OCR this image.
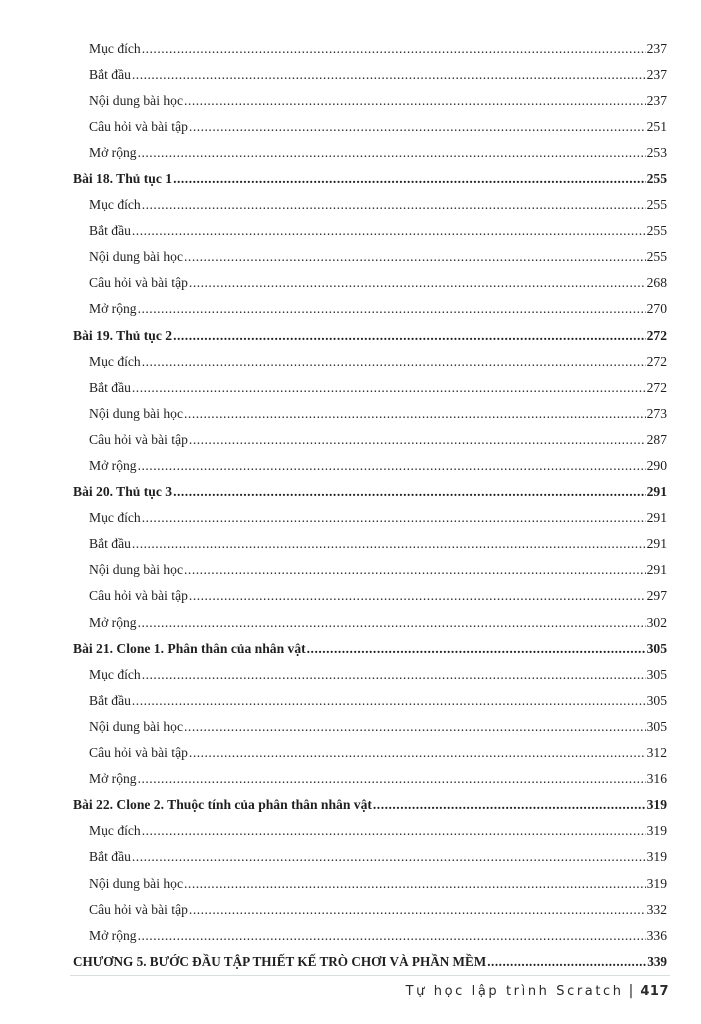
Mục đích .....	237
Bắt đầu .....	237
Nội dung bài học .....	237
Câu hỏi và bài tập .....	251
Mở rộng .....	253
Bài 18. Thủ tục 1 .....	255
Mục đích .....	255
Bắt đầu .....	255
Nội dung bài học .....	255
Câu hỏi và bài tập .....	268
Mở rộng .....	270
Bài 19. Thủ tục 2 .....	272
Mục đích .....	272
Bắt đầu .....	272
Nội dung bài học .....	273
Câu hỏi và bài tập .....	287
Mở rộng .....	290
Bài 20. Thủ tục 3 .....	291
Mục đích .....	291
Bắt đầu .....	291
Nội dung bài học .....	291
Câu hỏi và bài tập .....	297
Mở rộng .....	302
Bài 21. Clone 1. Phân thân của nhân vật .....	305
Mục đích .....	305
Bắt đầu .....	305
Nội dung bài học .....	305
Câu hỏi và bài tập .....	312
Mở rộng .....	316
Bài 22. Clone 2. Thuộc tính của phân thân nhân vật .....	319
Mục đích .....	319
Bắt đầu .....	319
Nội dung bài học .....	319
Câu hỏi và bài tập .....	332
Mở rộng .....	336
CHƯƠNG 5. BƯỚC ĐẦU TẬP THIẾT KẾ TRÒ CHƠI VÀ PHẦN MỀM .....	339
Tự học lập trình Scratch | 417
